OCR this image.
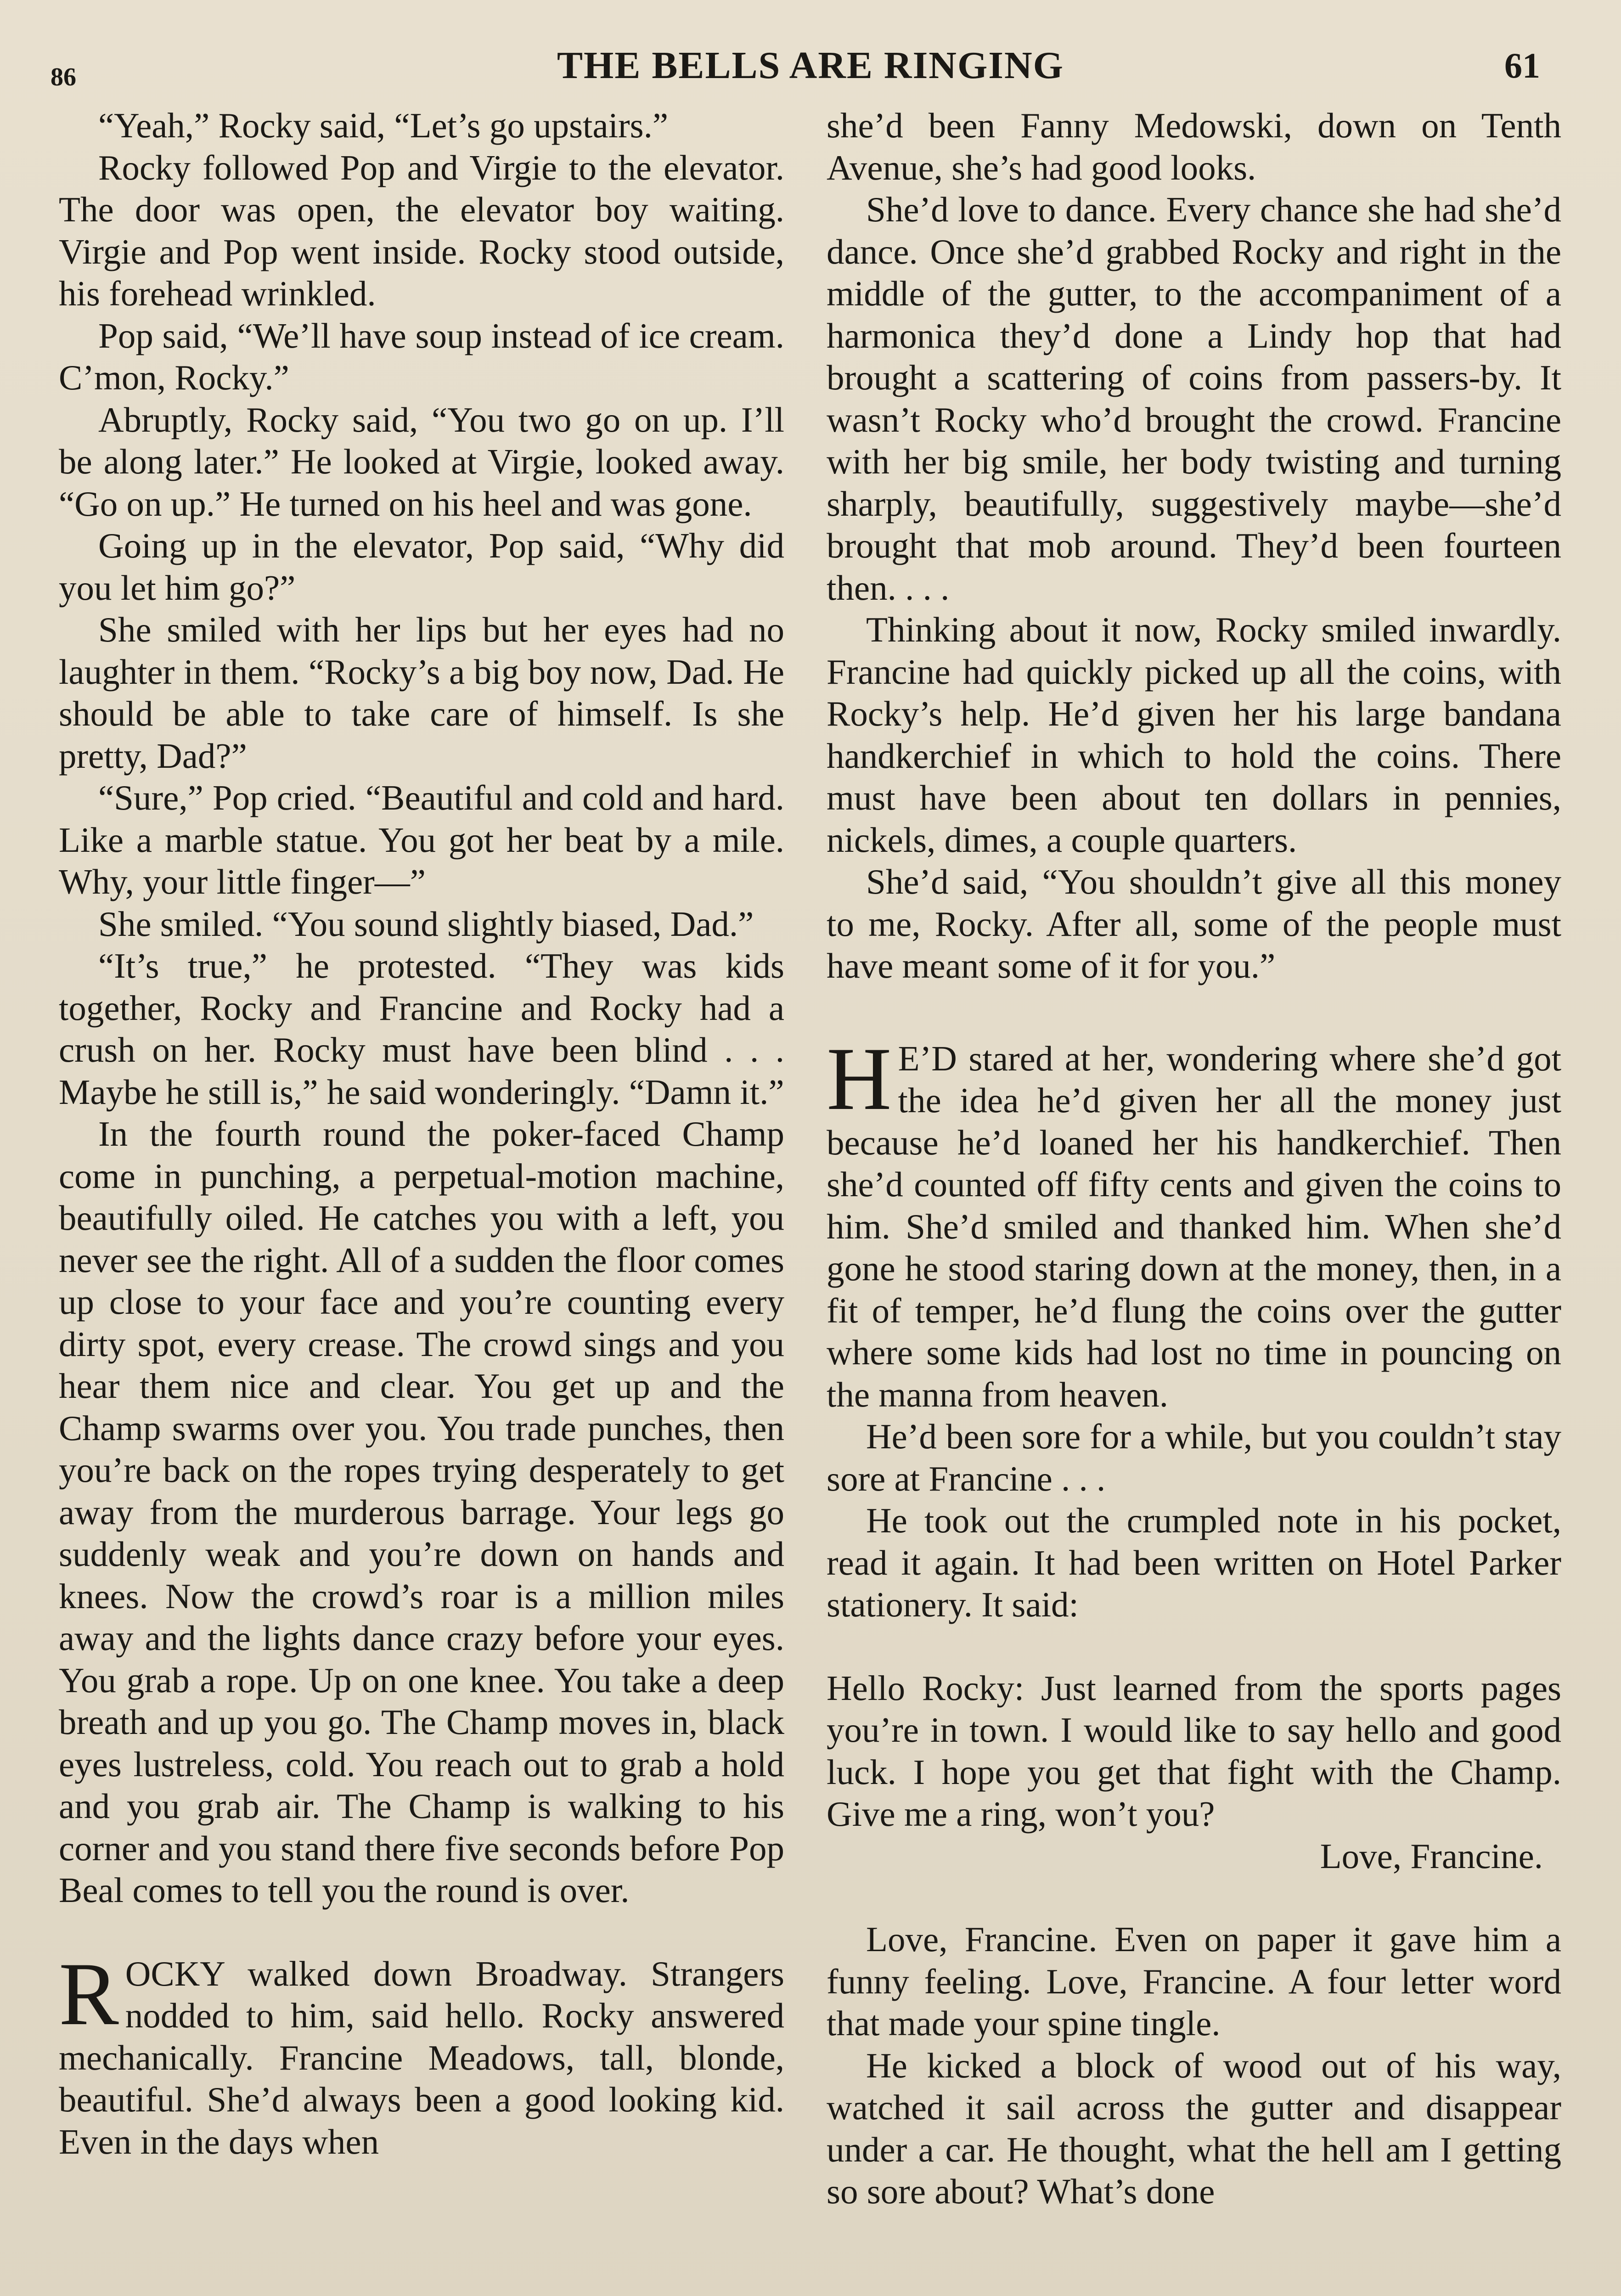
86	THE BELLS ARE RINGING	61

“Yeah,” Rocky said, “Let’s go upstairs.”

Rocky followed Pop and Virgie to the elevator. The door was open, the elevator boy waiting. Virgie and Pop went inside. Rocky stood outside, his forehead wrinkled.

Pop said, “We’ll have soup instead of ice cream. C’mon, Rocky.”

Abruptly, Rocky said, “You two go on up. I’ll be along later.” He looked at Virgie, looked away. “Go on up.” He turned on his heel and was gone.

Going up in the elevator, Pop said, “Why did you let him go?”

She smiled with her lips but her eyes had no laughter in them. “Rocky’s a big boy now, Dad. He should be able to take care of himself. Is she pretty, Dad?”

“Sure,” Pop cried. “Beautiful and cold and hard. Like a marble statue. You got her beat by a mile. Why, your little finger—”

She smiled. “You sound slightly biased, Dad.”

“It’s true,” he protested. “They was kids together, Rocky and Francine and Rocky had a crush on her. Rocky must have been blind . . . Maybe he still is,” he said wonderingly. “Damn it.”

In the fourth round the poker-faced Champ come in punching, a perpetual-motion machine, beautifully oiled. He catches you with a left, you never see the right. All of a sudden the floor comes up close to your face and you’re counting every dirty spot, every crease. The crowd sings and you hear them nice and clear. You get up and the Champ swarms over you. You trade punches, then you’re back on the ropes trying desperately to get away from the murderous barrage. Your legs go suddenly weak and you’re down on hands and knees. Now the crowd’s roar is a million miles away and the lights dance crazy before your eyes. You grab a rope. Up on one knee. You take a deep breath and up you go. The Champ moves in, black eyes lustreless, cold. You reach out to grab a hold and you grab air. The Champ is walking to his corner and you stand there five seconds before Pop Beal comes to tell you the round is over.

ROCKY walked down Broadway. Strangers nodded to him, said hello. Rocky answered mechanically. Francine Meadows, tall, blonde, beautiful. She’d always been a good looking kid. Even in the days when

she’d been Fanny Medowski, down on Tenth Avenue, she’s had good looks.

She’d love to dance. Every chance she had she’d dance. Once she’d grabbed Rocky and right in the middle of the gutter, to the accompaniment of a harmonica they’d done a Lindy hop that had brought a scattering of coins from passers-by. It wasn’t Rocky who’d brought the crowd. Francine with her big smile, her body twisting and turning sharply, beautifully, suggestively maybe—she’d brought that mob around. They’d been fourteen then. . . .

Thinking about it now, Rocky smiled inwardly. Francine had quickly picked up all the coins, with Rocky’s help. He’d given her his large bandana handkerchief in which to hold the coins. There must have been about ten dollars in pennies, nickels, dimes, a couple quarters.

She’d said, “You shouldn’t give all this money to me, Rocky. After all, some of the people must have meant some of it for you.”

H E’D stared at her, wondering where she’d got the idea he’d given her all the money just because he’d loaned her his handkerchief. Then she’d counted off fifty cents and given the coins to him. She’d smiled and thanked him. When she’d gone he stood staring down at the money, then, in a fit of temper, he’d flung the coins over the gutter where some kids had lost no time in pouncing on the manna from heaven.

He’d been sore for a while, but you couldn’t stay sore at Francine . . .

He took out the crumpled note in his pocket, read it again. It had been written on Hotel Parker stationery. It said:

Hello Rocky: Just learned from the sports pages you’re in town. I would like to say hello and good luck. I hope you get that fight with the Champ. Give me a ring, won’t you?

Love, Francine.

Love, Francine. Even on paper it gave him a funny feeling. Love, Francine. A four letter word that made your spine tingle.

He kicked a block of wood out of his way, watched it sail across the gutter and disappear under a car. He thought, what the hell am I getting so sore about? What’s done
